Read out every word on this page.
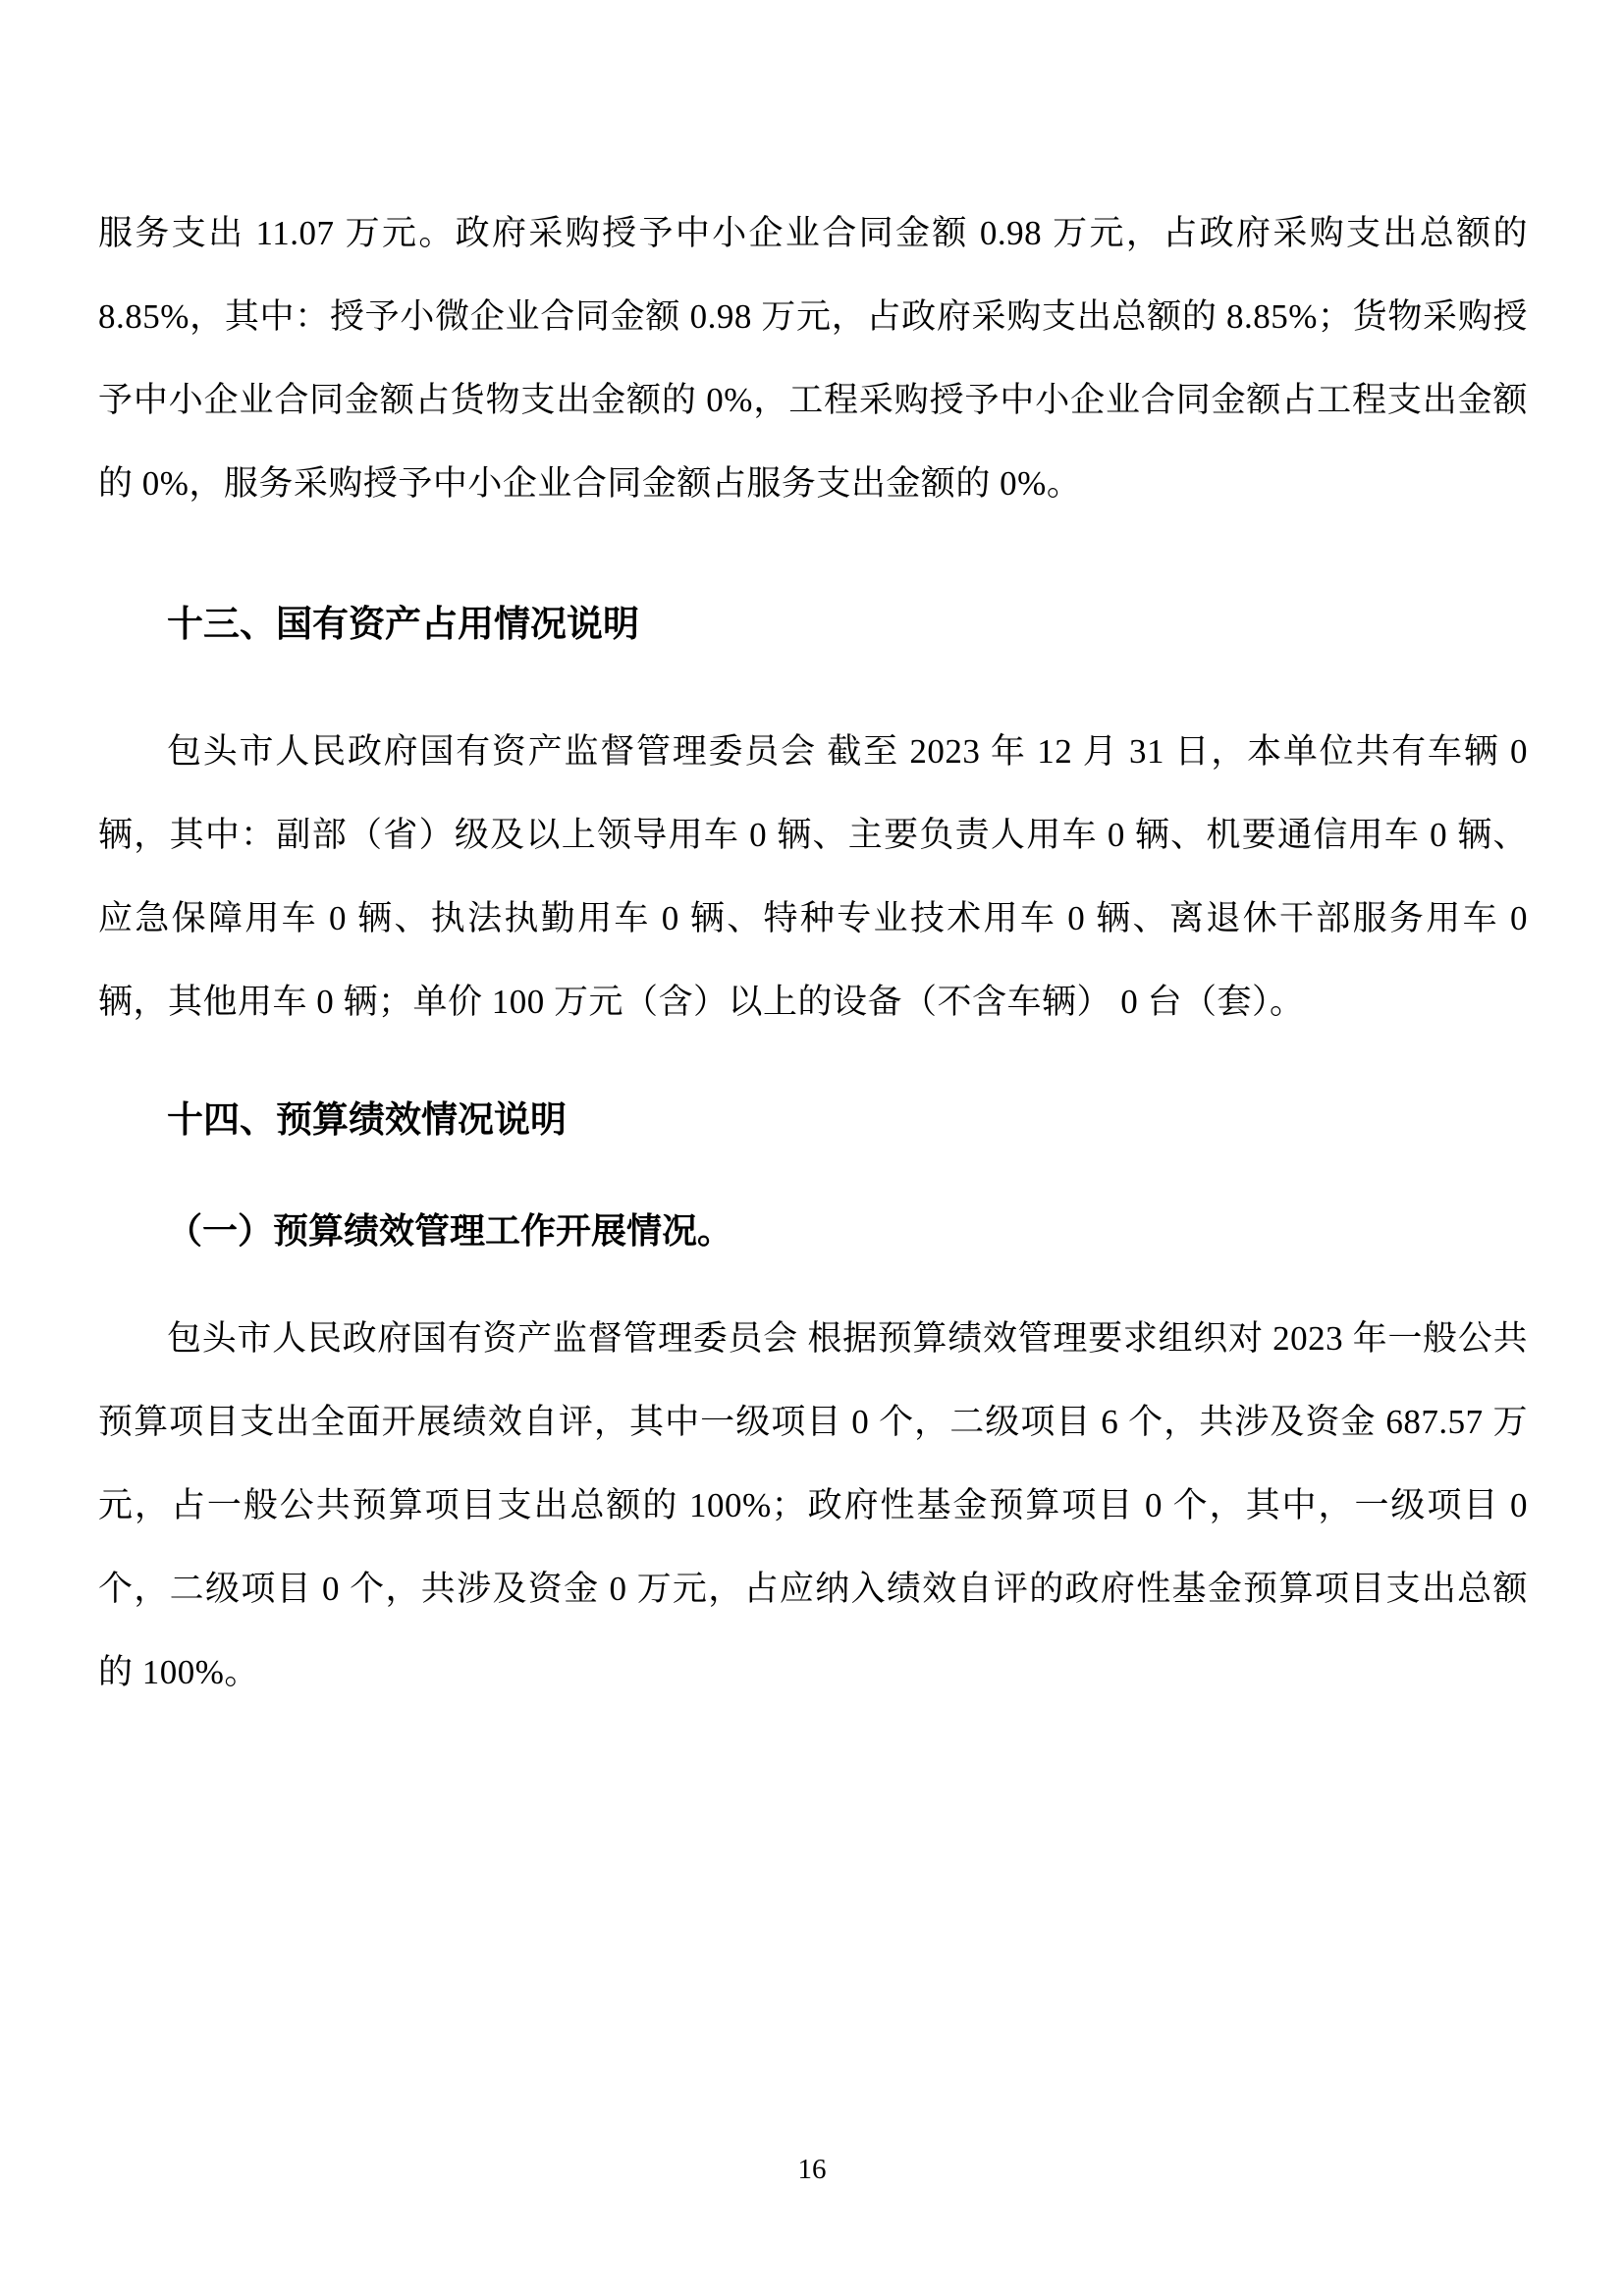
服务支出 11.07 万元。政府采购授予中小企业合同金额 0.98 万元，占政府采购支出总额的 8.85%，其中：授予小微企业合同金额 0.98 万元，占政府采购支出总额的 8.85%；货物采购授予中小企业合同金额占货物支出金额的 0%，工程采购授予中小企业合同金额占工程支出金额的 0%，服务采购授予中小企业合同金额占服务支出金额的 0%。

十三、国有资产占用情况说明

包头市人民政府国有资产监督管理委员会 截至 2023 年 12 月 31 日，本单位共有车辆 0 辆，其中：副部（省）级及以上领导用车 0 辆、主要负责人用车 0 辆、机要通信用车 0 辆、应急保障用车 0 辆、执法执勤用车 0 辆、特种专业技术用车 0 辆、离退休干部服务用车 0 辆，其他用车 0 辆；单价 100 万元（含）以上的设备（不含车辆） 0 台（套）。

十四、预算绩效情况说明
（一）预算绩效管理工作开展情况。

包头市人民政府国有资产监督管理委员会 根据预算绩效管理要求组织对 2023 年一般公共预算项目支出全面开展绩效自评，其中一级项目 0 个，二级项目 6 个，共涉及资金 687.57 万元，占一般公共预算项目支出总额的 100%；政府性基金预算项目 0 个，其中，一级项目 0 个，二级项目 0 个，共涉及资金 0 万元，占应纳入绩效自评的政府性基金预算项目支出总额的 100%。

16
